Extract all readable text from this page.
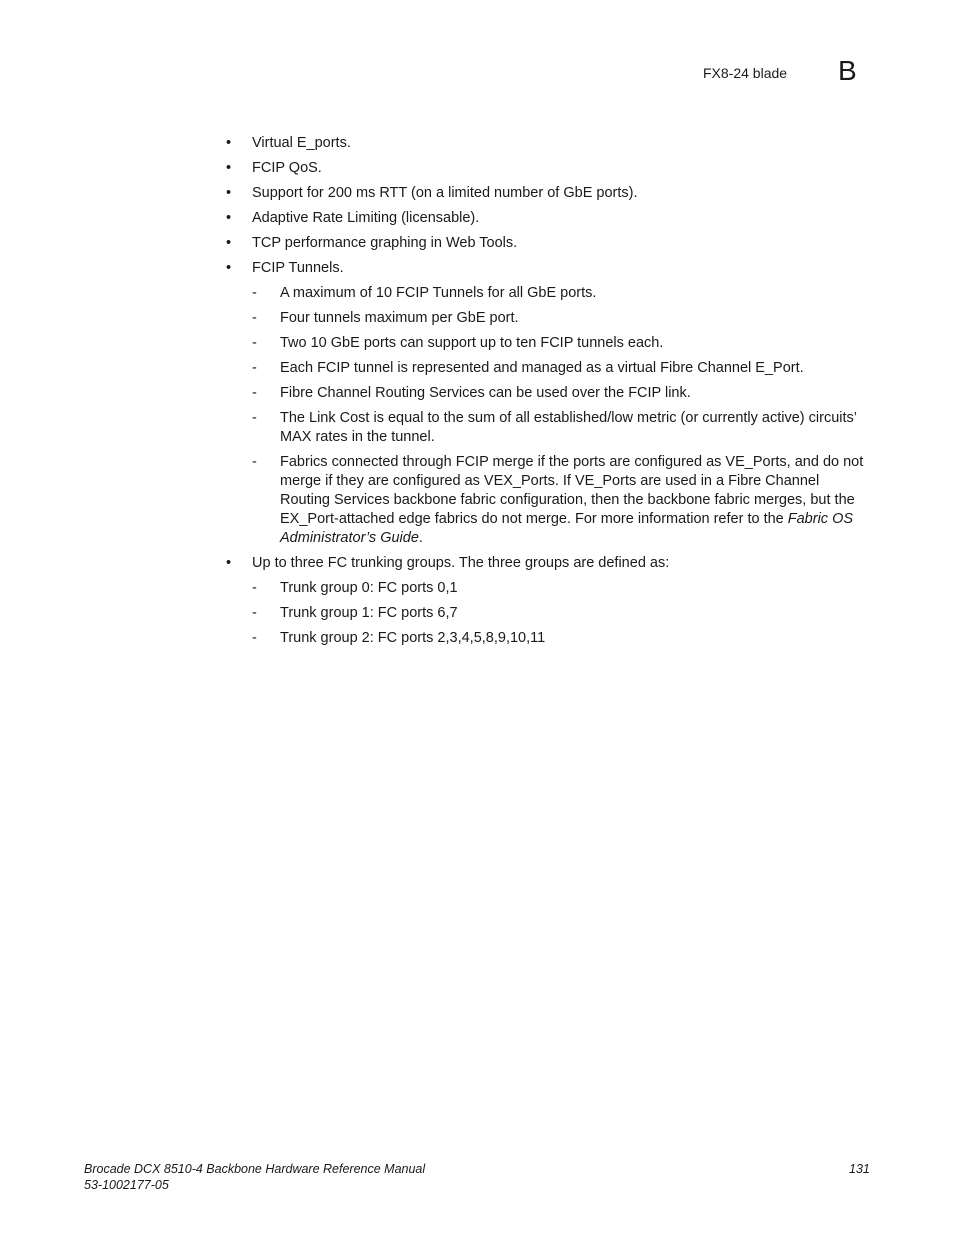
FX8-24 blade B
• Virtual E_ports.
• FCIP QoS.
• Support for 200 ms RTT (on a limited number of GbE ports).
• Adaptive Rate Limiting (licensable).
• TCP performance graphing in Web Tools.
• FCIP Tunnels.
- A maximum of 10 FCIP Tunnels for all GbE ports.
- Four tunnels maximum per GbE port.
- Two 10 GbE ports can support up to ten FCIP tunnels each.
- Each FCIP tunnel is represented and managed as a virtual Fibre Channel E_Port.
- Fibre Channel Routing Services can be used over the FCIP link.
- The Link Cost is equal to the sum of all established/low metric (or currently active) circuits’ MAX rates in the tunnel.
- Fabrics connected through FCIP merge if the ports are configured as VE_Ports, and do not merge if they are configured as VEX_Ports. If VE_Ports are used in a Fibre Channel Routing Services backbone fabric configuration, then the backbone fabric merges, but the EX_Port-attached edge fabrics do not merge. For more information refer to the Fabric OS Administrator’s Guide.
• Up to three FC trunking groups. The three groups are defined as:
- Trunk group 0: FC ports 0,1
- Trunk group 1: FC ports 6,7
- Trunk group 2: FC ports 2,3,4,5,8,9,10,11
Brocade DCX 8510-4 Backbone Hardware Reference Manual
53-1002177-05
131
